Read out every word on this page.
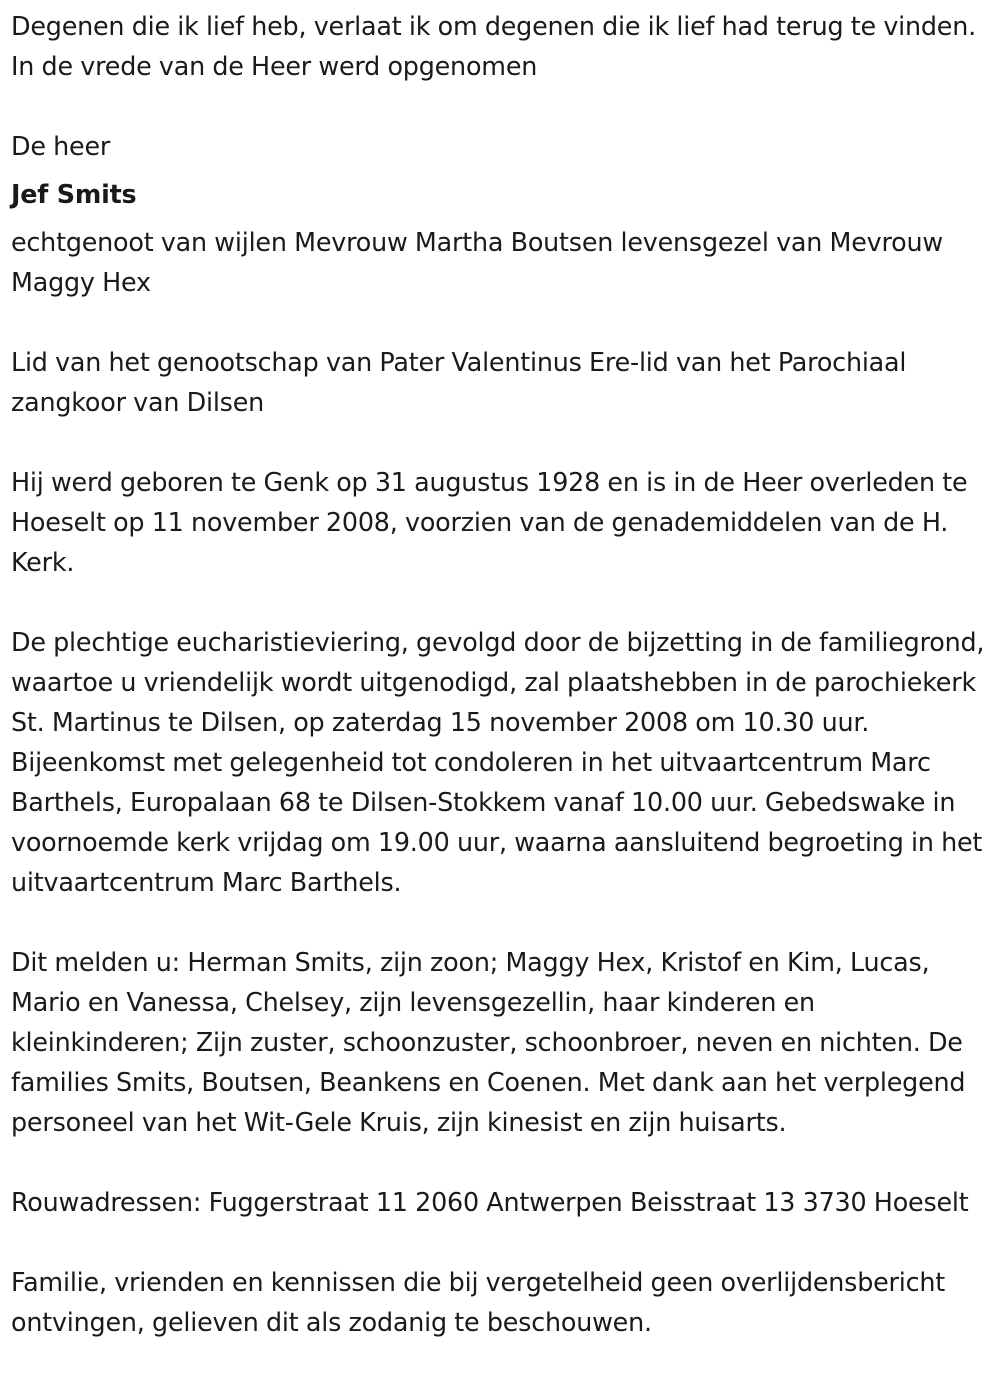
Degenen die ik lief heb, verlaat ik om degenen die ik lief had terug te vinden. In de vrede van de Heer werd opgenomen

De heer

Jef Smits

echtgenoot van wijlen Mevrouw Martha Boutsen levensgezel van Mevrouw Maggy Hex

Lid van het genootschap van Pater Valentinus Ere-lid van het Parochiaal zangkoor van Dilsen

Hij werd geboren te Genk op 31 augustus 1928 en is in de Heer overleden te Hoeselt op 11 november 2008, voorzien van de genademiddelen van de H. Kerk.

De plechtige eucharistieviering, gevolgd door de bijzetting in de familiegrond, waartoe u vriendelijk wordt uitgenodigd, zal plaatshebben in de parochiekerk St. Martinus te Dilsen, op zaterdag 15 november 2008 om 10.30 uur. Bijeenkomst met gelegenheid tot condoleren in het uitvaartcentrum Marc Barthels, Europalaan 68 te Dilsen-Stokkem vanaf 10.00 uur. Gebedswake in voornoemde kerk vrijdag om 19.00 uur, waarna aansluitend begroeting in het uitvaartcentrum Marc Barthels.

Dit melden u: Herman Smits, zijn zoon; Maggy Hex, Kristof en Kim, Lucas, Mario en Vanessa, Chelsey, zijn levensgezellin, haar kinderen en kleinkinderen; Zijn zuster, schoonzuster, schoonbroer, neven en nichten. De families Smits, Boutsen, Beankens en Coenen. Met dank aan het verplegend personeel van het Wit-Gele Kruis, zijn kinesist en zijn huisarts.

Rouwadressen: Fuggerstraat 11 2060 Antwerpen Beisstraat 13 3730 Hoeselt

Familie, vrienden en kennissen die bij vergetelheid geen overlijdensbericht ontvingen, gelieven dit als zodanig te beschouwen.
